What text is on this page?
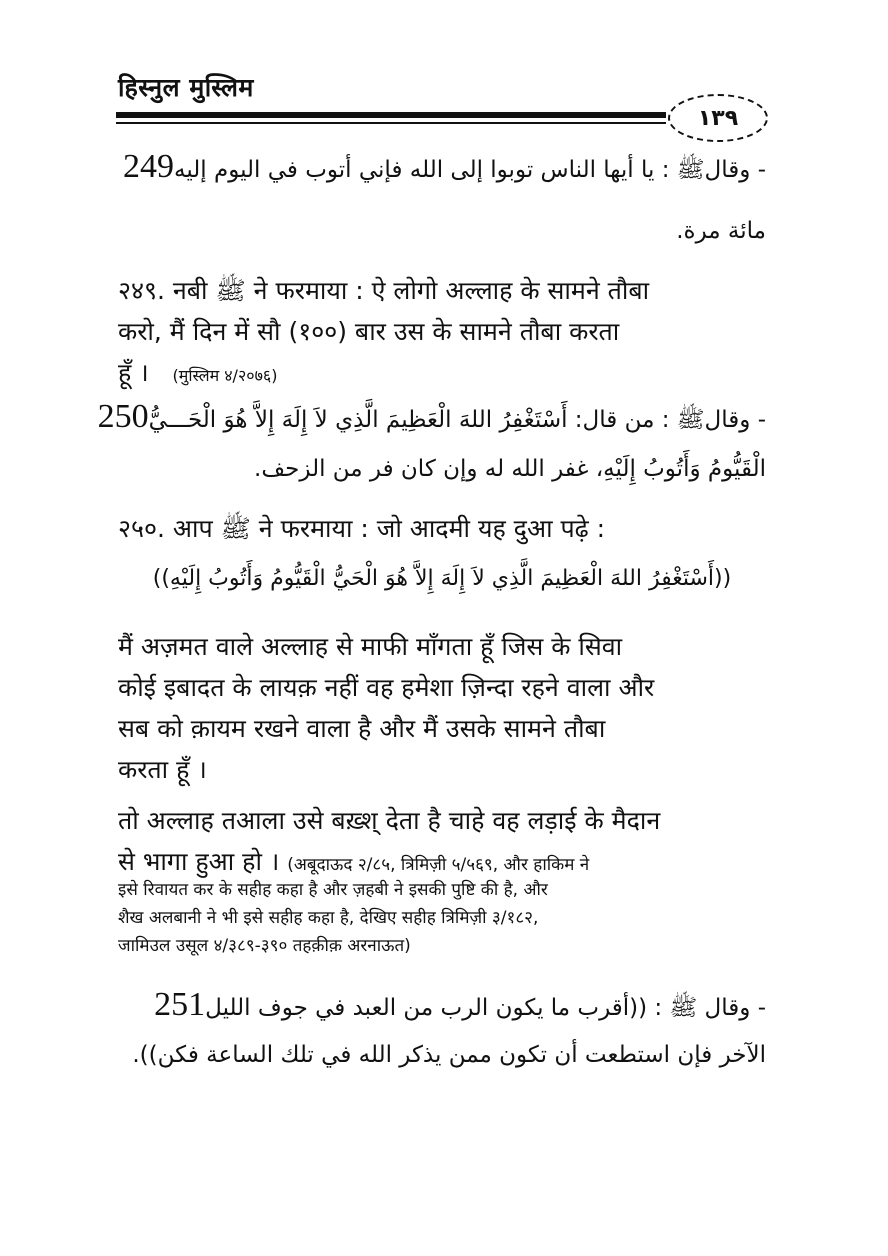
हिस्नुल मुस्लिम
١٣٩
- وقالﷺ : يا أيها الناس توبوا إلى الله فإني أتوب في اليوم إليه249
مائة مرة.
२४९. नबी ﷺ ने फरमाया : ऐ लोगो अल्लाह के सामने तौबा
करो, मैं दिन में सौ (१००) बार उस के सामने तौबा करता
हूँ । (मुस्लिम ४/२०७६)
- وقالﷺ : من قال: أَسْتَغْفِرُ اللهَ الْعَظِيمَ الَّذِي لاَ إِلَهَ إِلاَّ هُوَ الْحَـــيُّ250
الْقَيُّومُ وَأَتُوبُ إِلَيْهِ، غفر الله له وإن كان فر من الزحف.
२५०. आप ﷺ ने फरमाया : जो आदमी यह दुआ पढ़े :
((أَسْتَغْفِرُ اللهَ الْعَظِيمَ الَّذِي لاَ إِلَهَ إِلاَّ هُوَ الْحَيُّ الْقَيُّومُ وَأَتُوبُ إِلَيْهِ))
मैं अज़मत वाले अल्लाह से माफी माँगता हूँ जिस के सिवा
कोई इबादत के लायक़ नहीं वह हमेशा ज़िन्दा रहने वाला और
सब को क़ायम रखने वाला है और मैं उसके सामने तौबा
करता हूँ ।
तो अल्लाह तआला उसे बख़्श् देता है चाहे वह लड़ाई के मैदान
से भागा हुआ हो । (अबूदाऊद २/८५, त्रिमिज़ी ५/५६९, और हाकिम ने
इसे रिवायत कर के सहीह कहा है और ज़हबी ने इसकी पुष्टि की है, और
शैख अलबानी ने भी इसे सहीह कहा है, देखिए सहीह त्रिमिज़ी ३/१८२,
जामिउल उसूल ४/३८९-३९० तहक़ीक़ अरनाऊत)
- وقال ﷺ : ((أقرب ما يكون الرب من العبد في جوف الليل251
الآخر فإن استطعت أن تكون ممن يذكر الله في تلك الساعة فكن)).
